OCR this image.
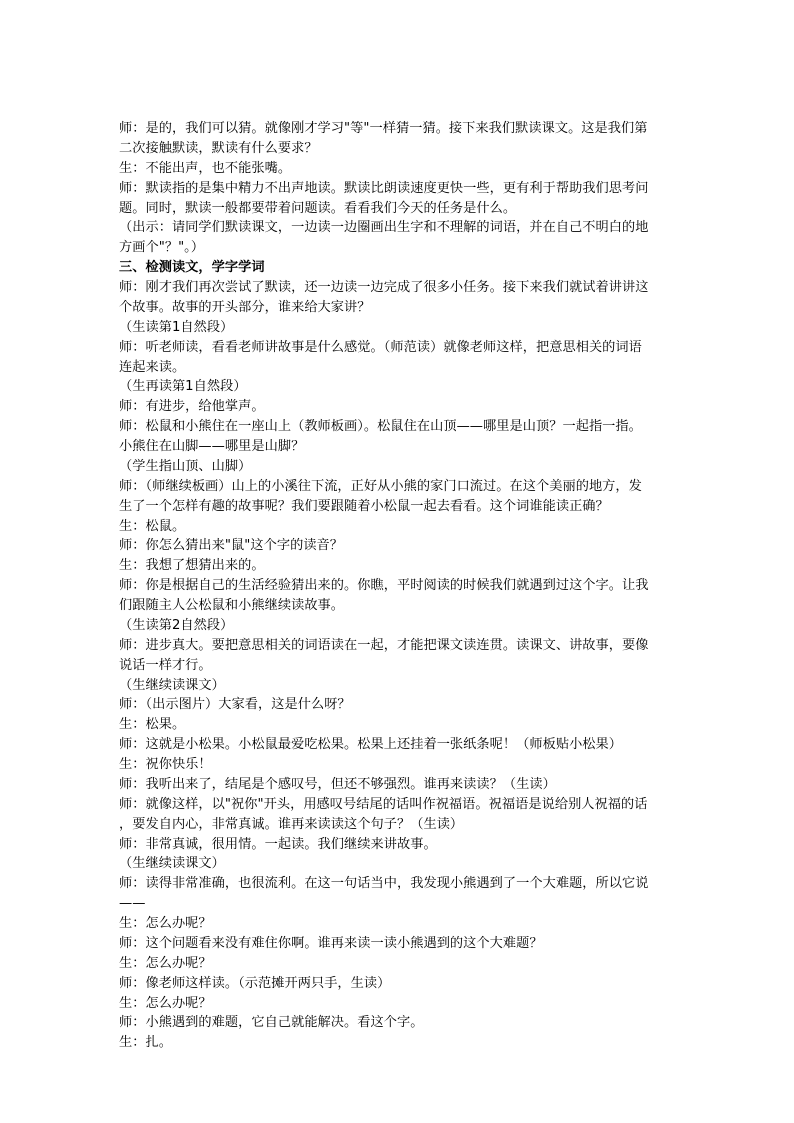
师：是的，我们可以猜。就像刚才学习"等"一样猜一猜。接下来我们默读课文。这是我们第
二次接触默读，默读有什么要求？
生：不能出声，也不能张嘴。
师：默读指的是集中精力不出声地读。默读比朗读速度更快一些，更有利于帮助我们思考问
题。同时，默读一般都要带着问题读。看看我们今天的任务是什么。
（出示：请同学们默读课文，一边读一边圈画出生字和不理解的词语，并在自己不明白的地
方画个"？"。）
三、检测读文，学字学词
师：刚才我们再次尝试了默读，还一边读一边完成了很多小任务。接下来我们就试着讲讲这
个故事。故事的开头部分，谁来给大家讲？
（生读第1自然段）
师：听老师读，看看老师讲故事是什么感觉。（师范读）就像老师这样，把意思相关的词语
连起来读。
（生再读第1自然段）
师：有进步，给他掌声。
师：松鼠和小熊住在一座山上（教师板画）。松鼠住在山顶——哪里是山顶？一起指一指。
小熊住在山脚——哪里是山脚？
（学生指山顶、山脚）
师：（师继续板画）山上的小溪往下流，正好从小熊的家门口流过。在这个美丽的地方，发
生了一个怎样有趣的故事呢？我们要跟随着小松鼠一起去看看。这个词谁能读正确？
生：松鼠。
师：你怎么猜出来"鼠"这个字的读音？
生：我想了想猜出来的。
师：你是根据自己的生活经验猜出来的。你瞧，平时阅读的时候我们就遇到过这个字。让我
们跟随主人公松鼠和小熊继续读故事。
（生读第2自然段）
师：进步真大。要把意思相关的词语读在一起，才能把课文读连贯。读课文、讲故事，要像
说话一样才行。
（生继续读课文）
师：（出示图片）大家看，这是什么呀？
生：松果。
师：这就是小松果。小松鼠最爱吃松果。松果上还挂着一张纸条呢！（师板贴小松果）
生：祝你快乐！
师：我听出来了，结尾是个感叹号，但还不够强烈。谁再来读读？（生读）
师：就像这样，以"祝你"开头，用感叹号结尾的话叫作祝福语。祝福语是说给别人祝福的话
，要发自内心，非常真诚。谁再来读读这个句子？（生读）
师：非常真诚，很用情。一起读。我们继续来讲故事。
（生继续读课文）
师：读得非常准确，也很流利。在这一句话当中，我发现小熊遇到了一个大难题，所以它说
——
生：怎么办呢？
师：这个问题看来没有难住你啊。谁再来读一读小熊遇到的这个大难题？
生：怎么办呢？
师：像老师这样读。（示范摊开两只手，生读）
生：怎么办呢？
师：小熊遇到的难题，它自己就能解决。看这个字。
生：扎。
